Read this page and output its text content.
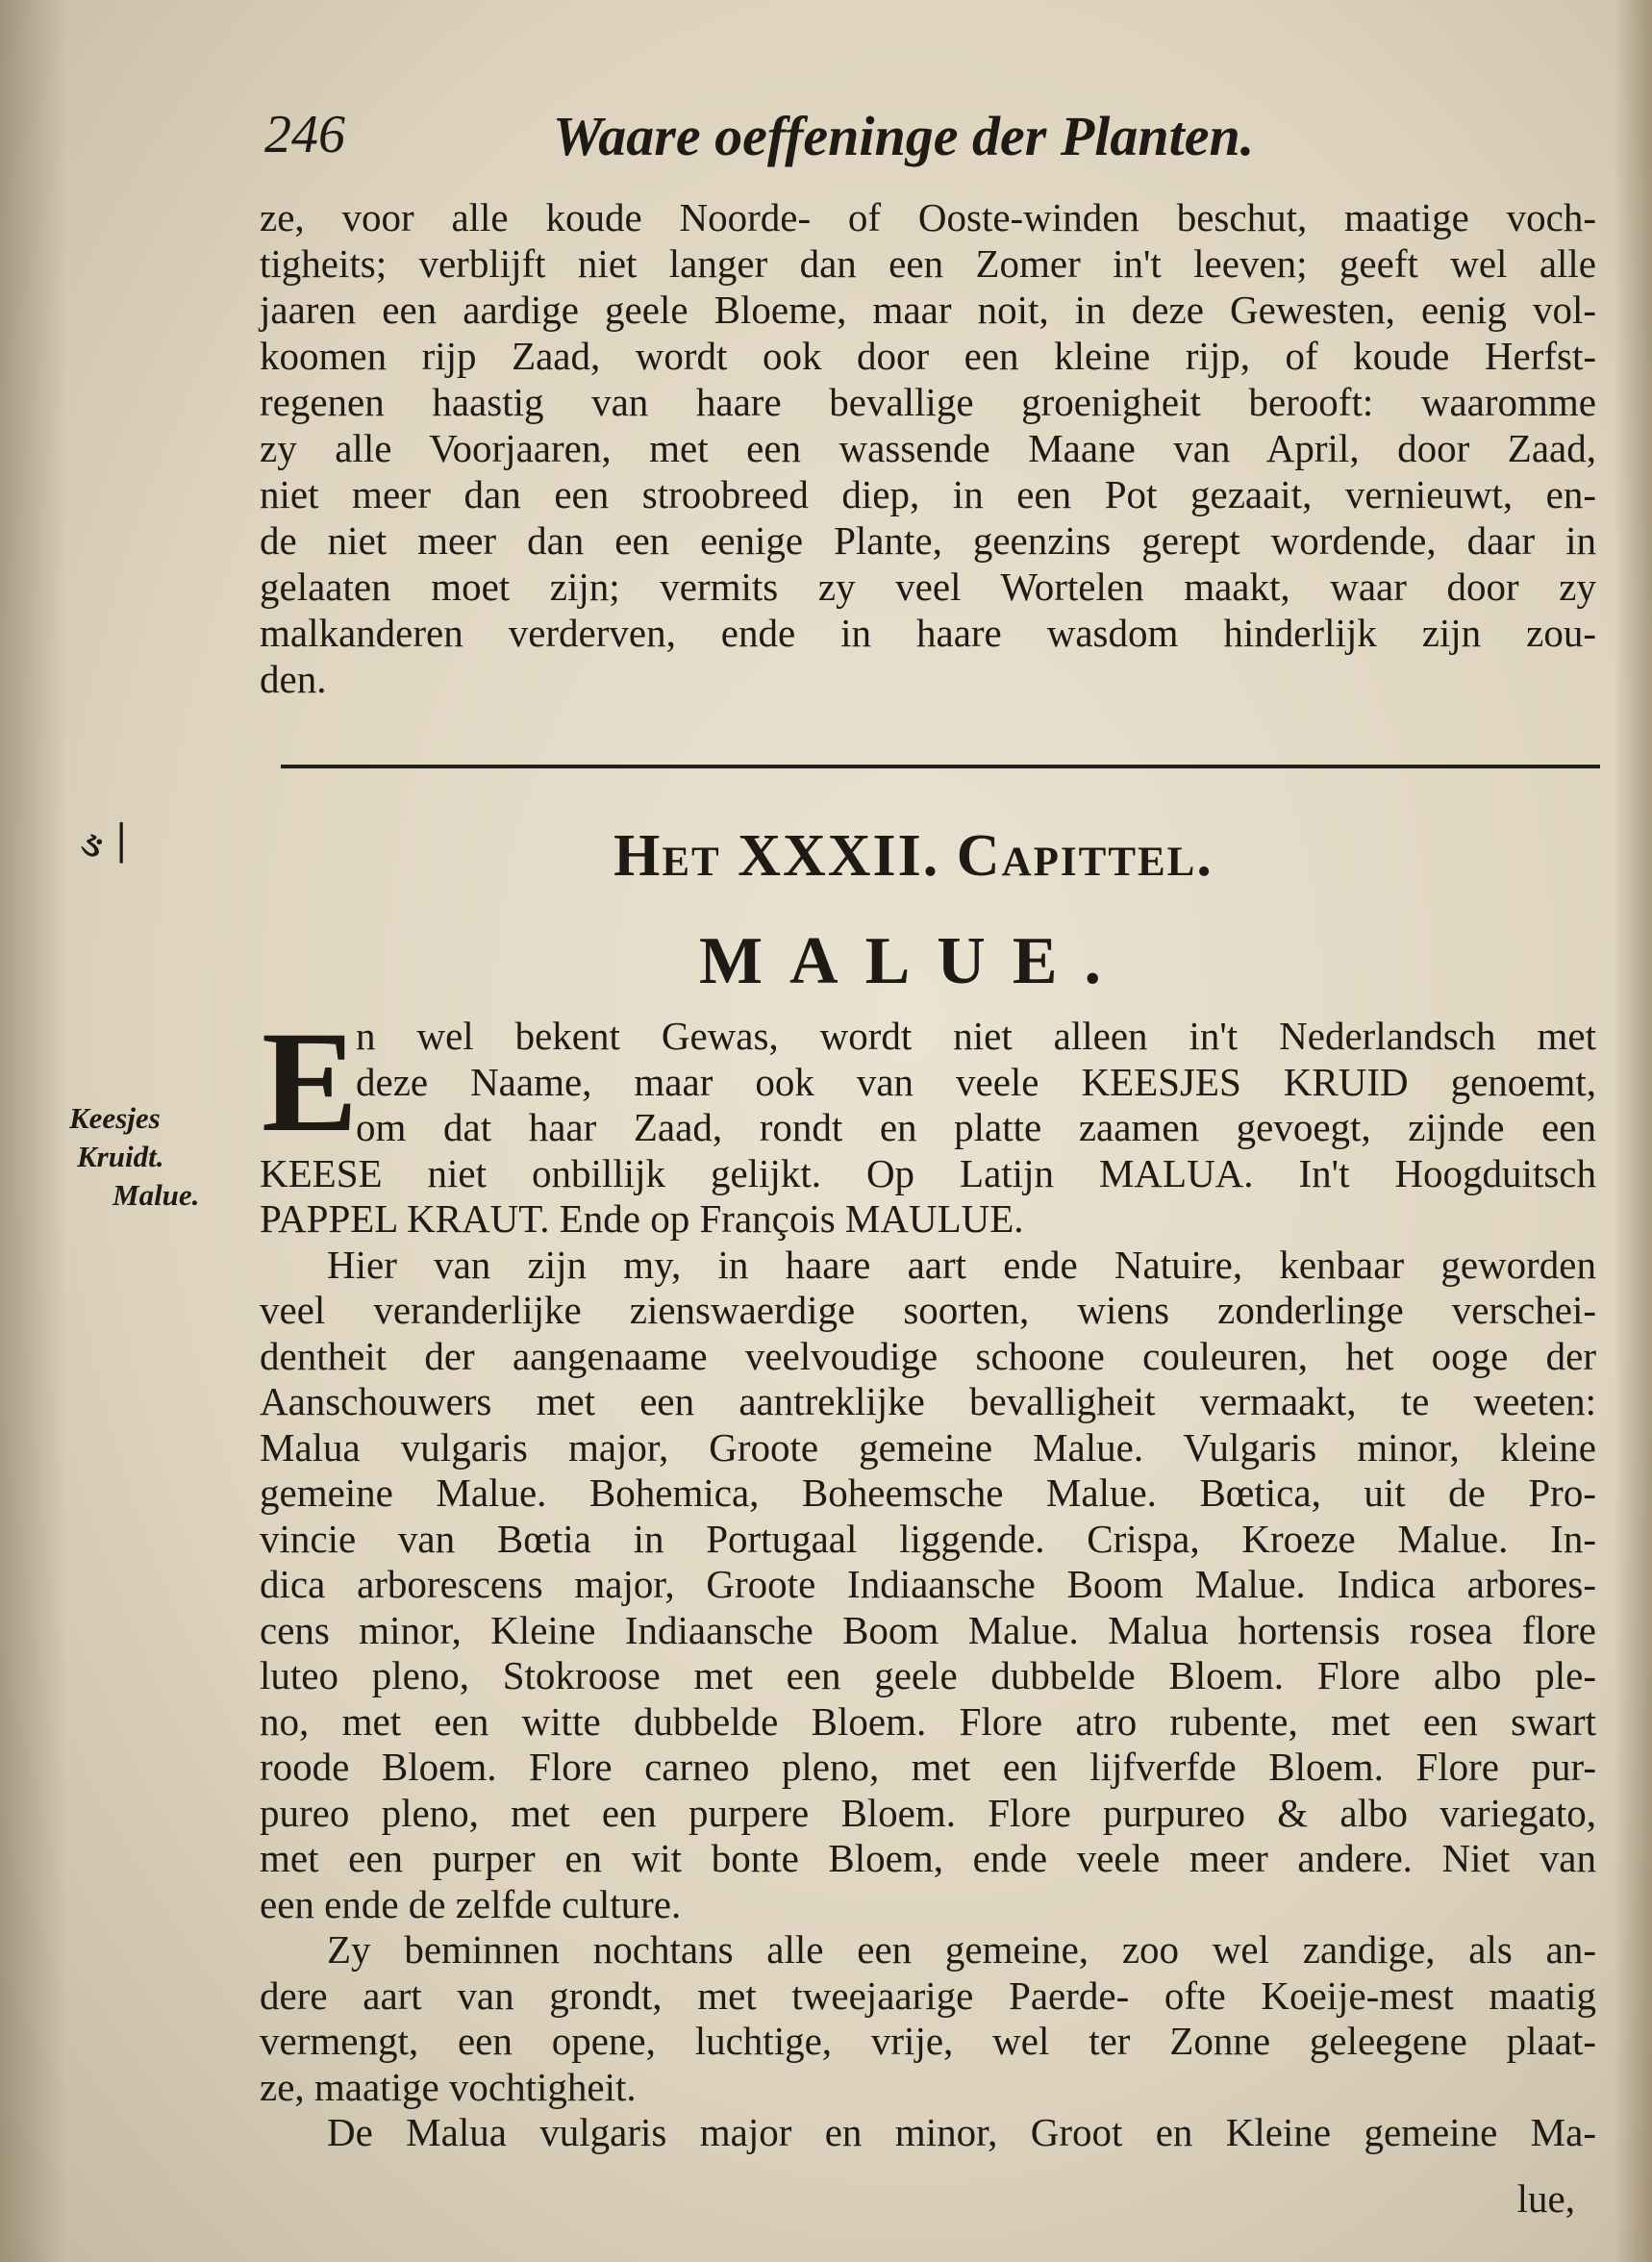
246	Waare oeffeninge der Planten.

ze, voor alle koude Noorde- of Ooste-winden beschut, maatige voch-

tigheits; verblijft niet langer dan een Zomer in't leeven; geeft wel alle

jaaren een aardige geele Bloeme, maar noit, in deze Gewesten, eenig vol-

koomen rijp Zaad, wordt ook door een kleine rijp, of koude Herfst-

regenen haastig van haare bevallige groenigheit berooft: waaromme

zy alle Voorjaaren, met een wassende Maane van April, door Zaad,

niet meer dan een stroobreed diep, in een Pot gezaait, vernieuwt, en-

de niet meer dan een eenige Plante, geenzins gerept wordende, daar in

gelaaten moet zijn; vermits zy veel Wortelen maakt, waar door zy

malkanderen verderven, ende in haare wasdom hinderlijk zijn zou-

den.

ઙ ׀	Het XXXII. Capittel.
MALUE.
E
Keesjes
Kruidt.
Malue.
n wel bekent Gewas, wordt niet alleen in't Nederlandsch met
deze Naame, maar ook van veele KEESJES KRUID genoemt,
om dat haar Zaad, rondt en platte zaamen gevoegt, zijnde een
KEESE niet onbillijk gelijkt. Op Latijn MALUA. In't Hoogduitsch
PAPPEL KRAUT. Ende op François MAULUE.
Hier van zijn my, in haare aart ende Natuire, kenbaar geworden
veel veranderlijke zienswaerdige soorten, wiens zonderlinge verschei-
dentheit der aangenaame veelvoudige schoone couleuren, het ooge der
Aanschouwers met een aantreklijke bevalligheit vermaakt, te weeten:
Malua vulgaris major, Groote gemeine Malue. Vulgaris minor, kleine
gemeine Malue. Bohemica, Boheemsche Malue. Bœtica, uit de Pro-
vincie van Bœtia in Portugaal liggende. Crispa, Kroeze Malue. In-
dica arborescens major, Groote Indiaansche Boom Malue. Indica arbores-
cens minor, Kleine Indiaansche Boom Malue. Malua hortensis rosea flore
luteo pleno, Stokroose met een geele dubbelde Bloem. Flore albo ple-
no, met een witte dubbelde Bloem. Flore atro rubente, met een swart
roode Bloem. Flore carneo pleno, met een lijfverfde Bloem. Flore pur-
pureo pleno, met een purpere Bloem. Flore purpureo & albo variegato,
met een purper en wit bonte Bloem, ende veele meer andere. Niet van
een ende de zelfde culture.
Zy beminnen nochtans alle een gemeine, zoo wel zandige, als an-
dere aart van grondt, met tweejaarige Paerde- ofte Koeije-mest maatig
vermengt, een opene, luchtige, vrije, wel ter Zonne geleegene plaat-
ze, maatige vochtigheit.
De Malua vulgaris major en minor, Groot en Kleine gemeine Ma-
lue,
